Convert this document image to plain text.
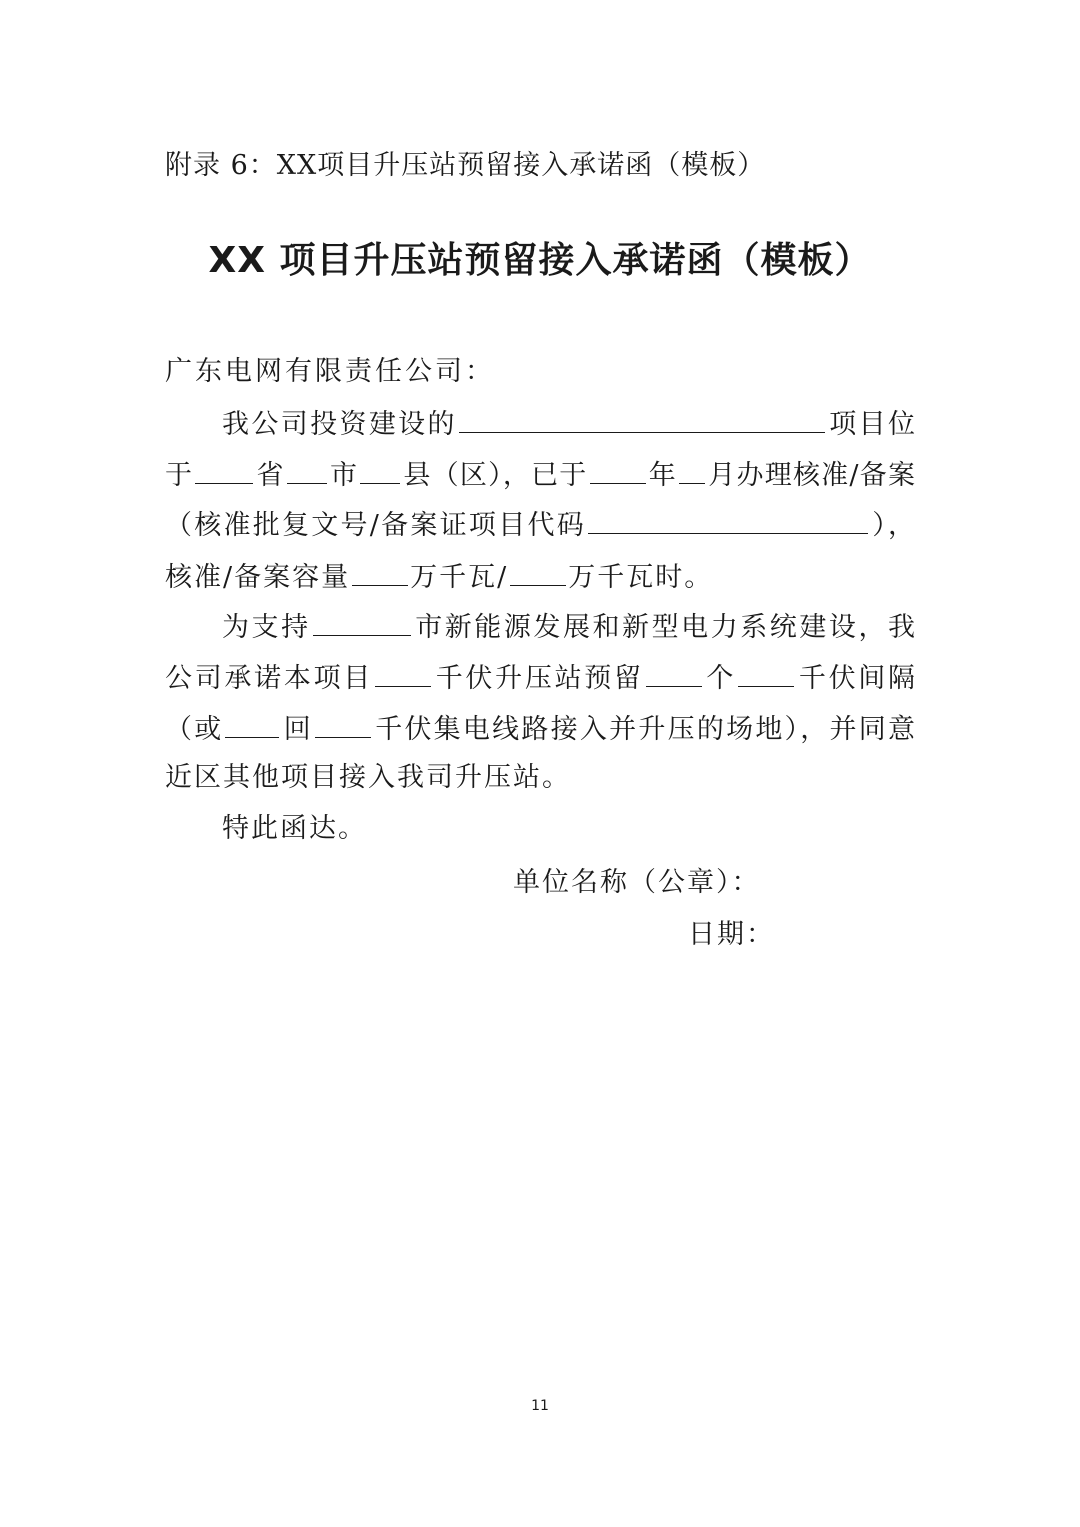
附录 6：XX项目升压站预留接入承诺函（模板）
XX 项目升压站预留接入承诺函（模板）
广东电网有限责任公司：
我公司投资建设的	项目位
于 省 市 县（区），已于 年 月办理核准/备案
（核准批复文号/备案证项目代码	），
核准/备案容量 万千瓦/ 万千瓦时。
为支持	市新能源发展和新型电力系统建设，我
公司承诺本项目 千伏升压站预留 个 千伏间隔
（或 回 千伏集电线路接入并升压的场地），并同意
近区其他项目接入我司升压站。
特此函达。
单位名称（公章）：
日期：
11
